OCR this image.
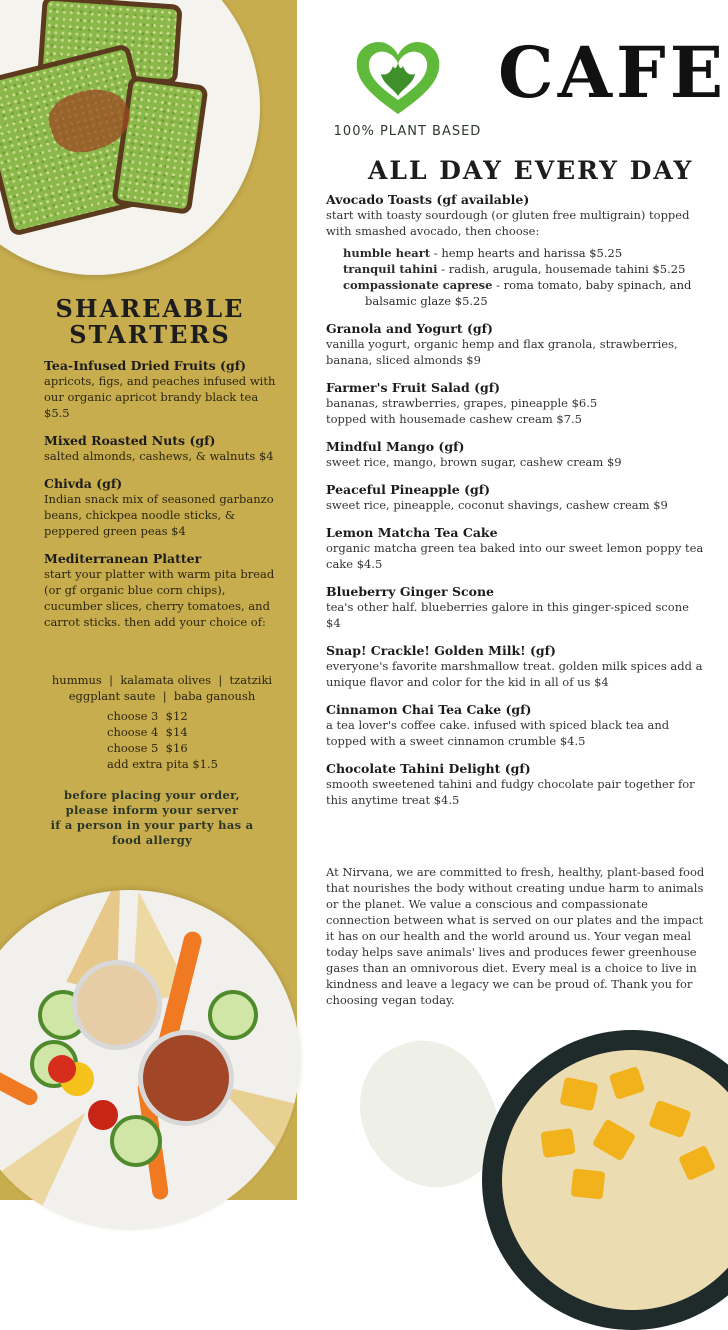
100% PLANT BASED
CAFE
ALL DAY EVERY DAY

Avocado Toasts (gf available)

start with toasty sourdough (or gluten free multigrain) topped with smashed avocado, then choose:

humble heart - hemp hearts and harissa $5.25
tranquil tahini - radish, arugula, housemade tahini $5.25
compassionate caprese - roma tomato, baby spinach, and balsamic glaze $5.25

Granola and Yogurt (gf)

vanilla yogurt, organic hemp and flax granola, strawberries, banana, sliced almonds $9

Farmer's Fruit Salad (gf)

bananas, strawberries, grapes, pineapple $6.5

topped with housemade cashew cream $7.5

Mindful Mango (gf)

sweet rice, mango, brown sugar, cashew cream $9

Peaceful Pineapple (gf)

sweet rice, pineapple, coconut shavings, cashew cream $9

Lemon Matcha Tea Cake

organic matcha green tea baked into our sweet lemon poppy tea cake $4.5

Blueberry Ginger Scone

tea's other half. blueberries galore in this ginger-spiced scone $4

Snap! Crackle! Golden Milk! (gf)

everyone's favorite marshmallow treat. golden milk spices add a unique flavor and color for the kid in all of us $4

Cinnamon Chai Tea Cake (gf)

a tea lover's coffee cake. infused with spiced black tea and topped with a sweet cinnamon crumble $4.5

Chocolate Tahini Delight (gf)

smooth sweetened tahini and fudgy chocolate pair together for this anytime treat $4.5

SHAREABLE STARTERS

Tea-Infused Dried Fruits (gf)

apricots, figs, and peaches infused with our organic apricot brandy black tea $5.5

Mixed Roasted Nuts (gf)

salted almonds, cashews, & walnuts $4

Chivda (gf)

Indian snack mix of seasoned garbanzo beans, chickpea noodle sticks, & peppered green peas $4

Mediterranean Platter

start your platter with warm pita bread (or gf organic blue corn chips), cucumber slices, cherry tomatoes, and carrot sticks. then add your choice of:

hummus  |  kalamata olives  |  tzatziki
eggplant saute  |  baba ganoush
choose 3  $12
choose 4  $14
choose 5  $16
add extra pita $1.5
before placing your order,
please inform your server
if a person in your party has a
food allergy
At Nirvana, we are committed to fresh, healthy, plant-based food that nourishes the body without creating undue harm to animals or the planet. We value a conscious and compassionate connection between what is served on our plates and the impact it has on our health and the world around us. Your vegan meal today helps save animals' lives and produces fewer greenhouse gases than an omnivorous diet. Every meal is a choice to live in kindness and leave a legacy we can be proud of. Thank you for choosing vegan today.
